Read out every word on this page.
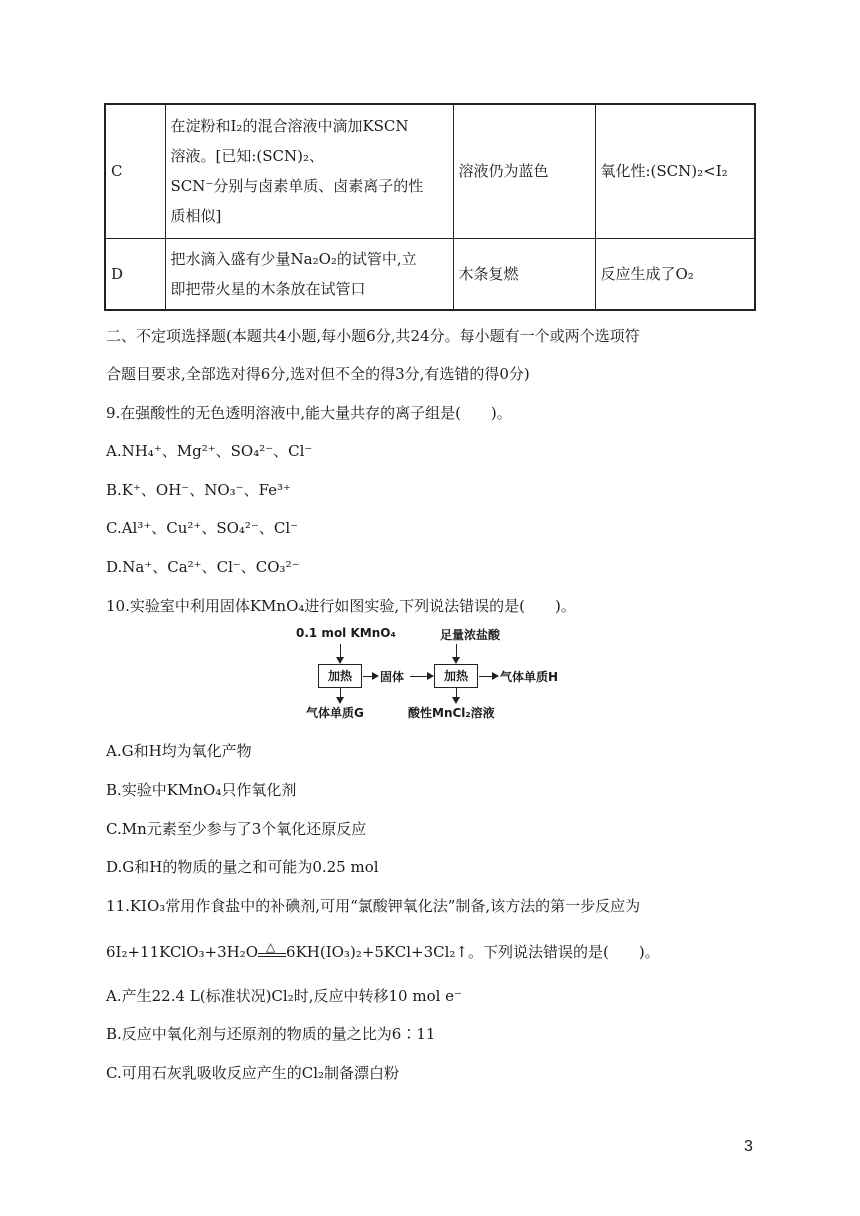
C	在淀粉和I₂的混合溶液中滴加KSCN
溶液。[已知:(SCN)₂、
SCN⁻分别与卤素单质、卤素离子的性
质相似]	溶液仍为蓝色	氧化性:(SCN)₂<I₂
D	把水滴入盛有少量Na₂O₂的试管中,立
即把带火星的木条放在试管口	木条复燃	反应生成了O₂
二、不定项选择题(本题共4小题,每小题6分,共24分。每小题有一个或两个选项符
合题目要求,全部选对得6分,选对但不全的得3分,有选错的得0分)
9.在强酸性的无色透明溶液中,能大量共存的离子组是(　　)。
A.NH₄⁺、Mg²⁺、SO₄²⁻、Cl⁻
B.K⁺、OH⁻、NO₃⁻、Fe³⁺
C.Al³⁺、Cu²⁺、SO₄²⁻、Cl⁻
D.Na⁺、Ca²⁺、Cl⁻、CO₃²⁻
10.实验室中利用固体KMnO₄进行如图实验,下列说法错误的是(　　)。
0.1 mol KMnO₄	足量浓盐酸
加热	固体	加热	气体单质H
气体单质G	酸性MnCl₂溶液
A.G和H均为氧化产物
B.实验中KMnO₄只作氧化剂
C.Mn元素至少参与了3个氧化还原反应
D.G和H的物质的量之和可能为0.25 mol
11.KIO₃常用作食盐中的补碘剂,可用“氯酸钾氧化法”制备,该方法的第一步反应为
6I₂+11KClO₃+3H₂O △ 6KH(IO₃)₂+5KCl+3Cl₂↑。下列说法错误的是(　　)。
A.产生22.4 L(标准状况)Cl₂时,反应中转移10 mol e⁻
B.反应中氧化剂与还原剂的物质的量之比为6∶11
C.可用石灰乳吸收反应产生的Cl₂制备漂白粉
3
